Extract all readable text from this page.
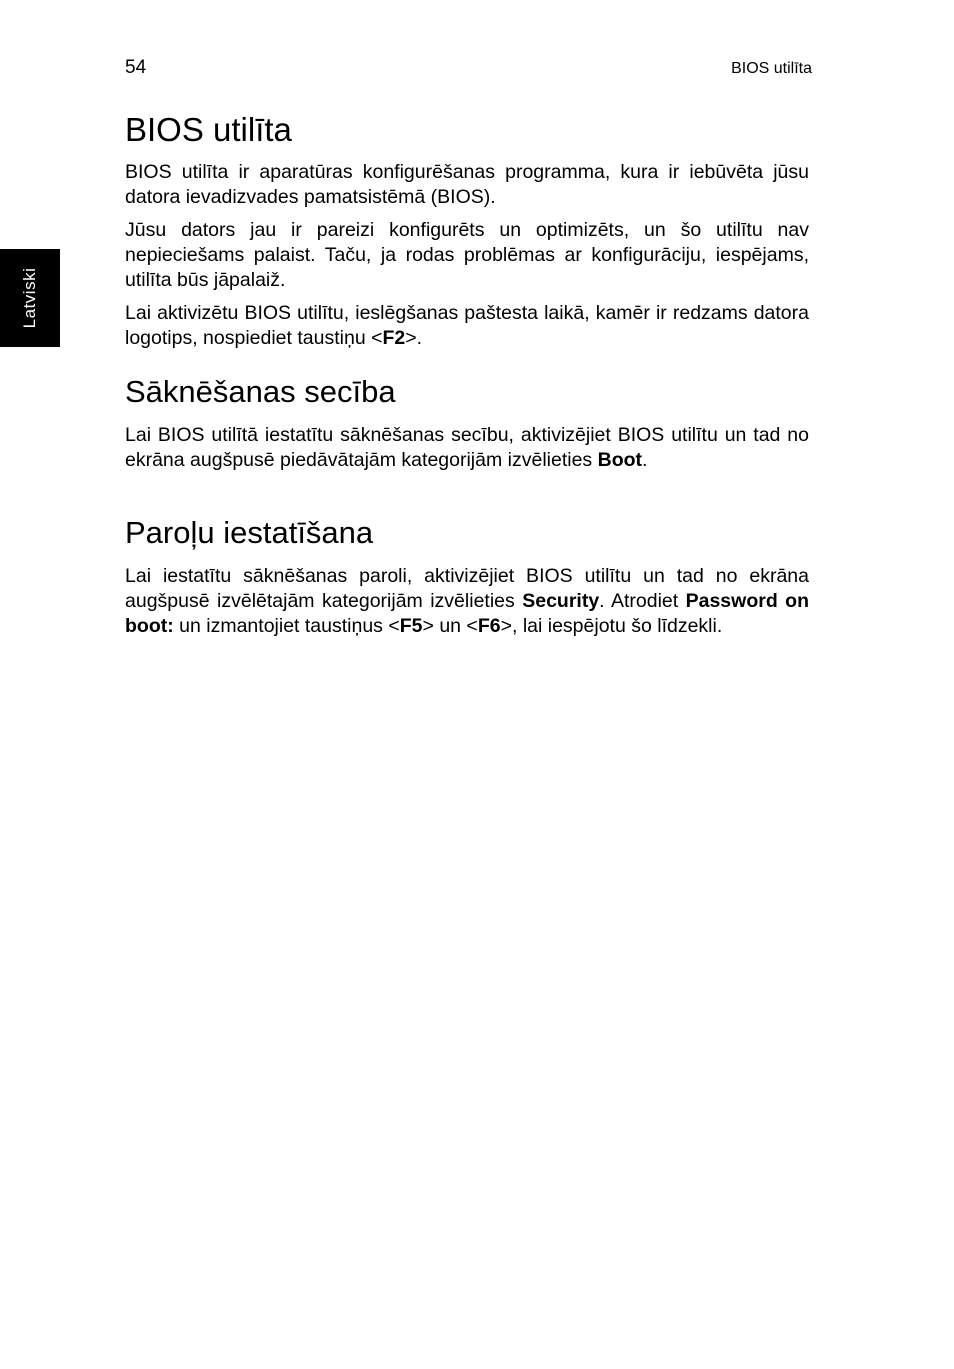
54	BIOS utilīta
Latviski
BIOS utilīta

BIOS utilīta ir aparatūras konfigurēšanas programma, kura ir iebūvēta jūsu datora ievadizvades pamatsistēmā (BIOS).

Jūsu dators jau ir pareizi konfigurēts un optimizēts, un šo utilītu nav nepieciešams palaist. Taču, ja rodas problēmas ar konfigurāciju, iespējams, utilīta būs jāpalaiž.

Lai aktivizētu BIOS utilītu, ieslēgšanas paštesta laikā, kamēr ir redzams datora logotips, nospiediet taustiņu <F2>.

Sāknēšanas secība

Lai BIOS utilītā iestatītu sāknēšanas secību, aktivizējiet BIOS utilītu un tad no ekrāna augšpusē piedāvātajām kategorijām izvēlieties Boot.

Paroļu iestatīšana

Lai iestatītu sāknēšanas paroli, aktivizējiet BIOS utilītu un tad no ekrāna augšpusē izvēlētajām kategorijām izvēlieties Security. Atrodiet Password on boot: un izmantojiet taustiņus <F5> un <F6>, lai iespējotu šo līdzekli.
